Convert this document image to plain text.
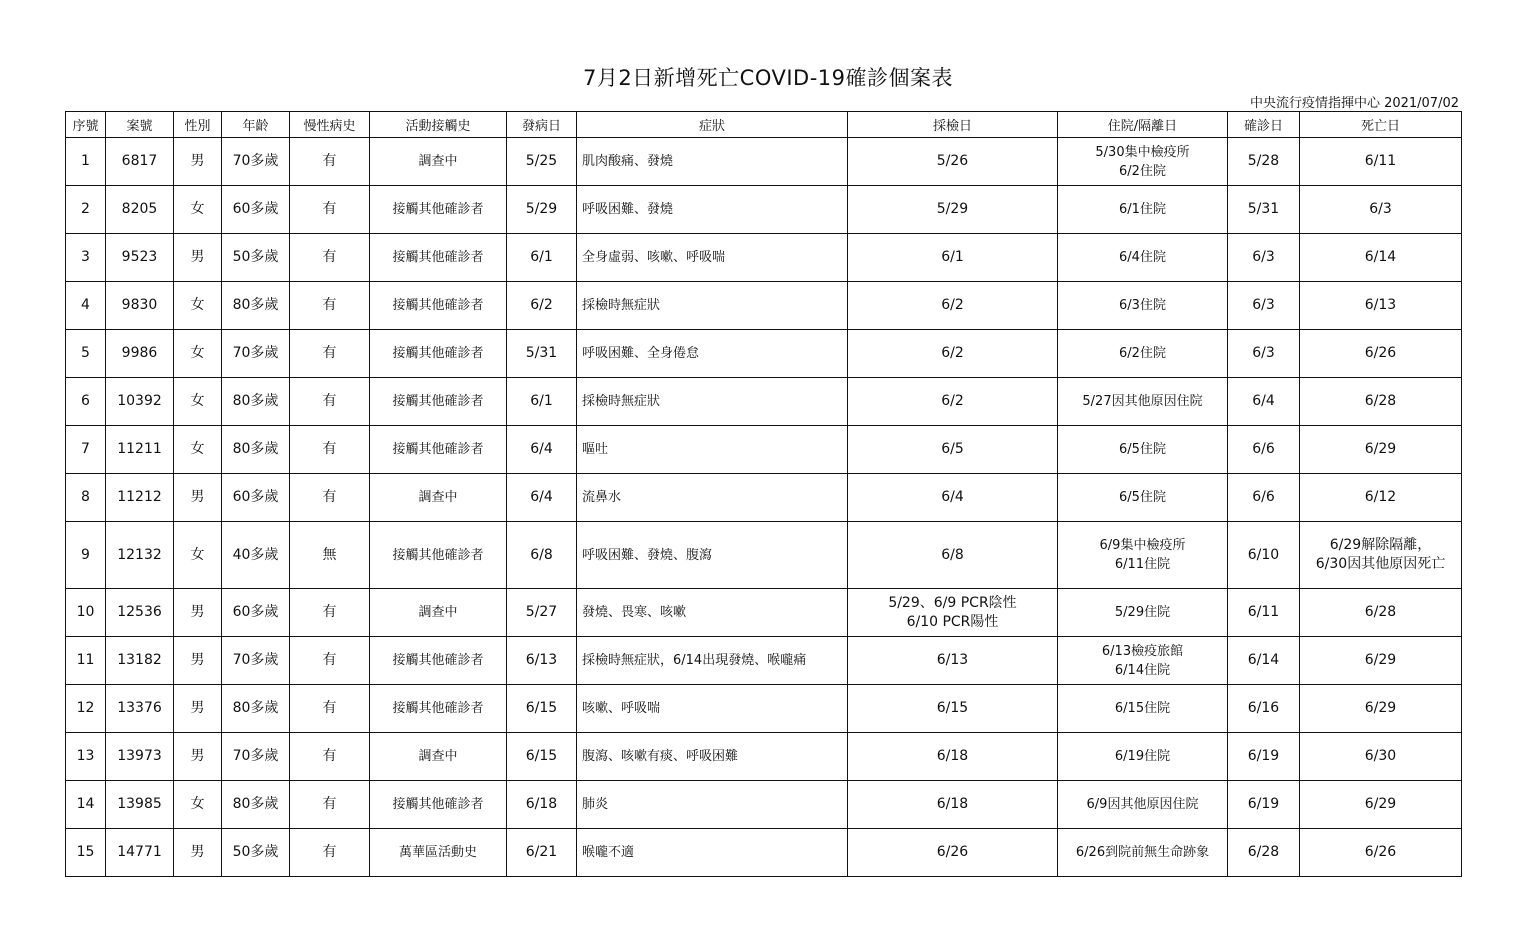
7月2日新增死亡COVID-19確診個案表
中央流行疫情指揮中心 2021/07/02
序號	案號	性別	年齡	慢性病史	活動接觸史	發病日	症狀	採檢日	住院/隔離日	確診日	死亡日
1	6817	男	70多歲	有	調查中	5/25	肌肉酸痛、發燒	5/26	5/30集中檢疫所
6/2住院	5/28	6/11

2	8205	女	60多歲	有	接觸其他確診者	5/29	呼吸困難、發燒	5/29	6/1住院	5/31	6/3

3	9523	男	50多歲	有	接觸其他確診者	6/1	全身虛弱、咳嗽、呼吸喘	6/1	6/4住院	6/3	6/14

4	9830	女	80多歲	有	接觸其他確診者	6/2	採檢時無症狀	6/2	6/3住院	6/3	6/13

5	9986	女	70多歲	有	接觸其他確診者	5/31	呼吸困難、全身倦怠	6/2	6/2住院	6/3	6/26

6	10392	女	80多歲	有	接觸其他確診者	6/1	採檢時無症狀	6/2	5/27因其他原因住院	6/4	6/28

7	11211	女	80多歲	有	接觸其他確診者	6/4	嘔吐	6/5	6/5住院	6/6	6/29

8	11212	男	60多歲	有	調查中	6/4	流鼻水	6/4	6/5住院	6/6	6/12

9	12132	女	40多歲	無	接觸其他確診者	6/8	呼吸困難、發燒、腹瀉	6/8	6/9集中檢疫所
6/11住院	6/10	6/29解除隔離，
6/30因其他原因死亡

10	12536	男	60多歲	有	調查中	5/27	發燒、畏寒、咳嗽	5/29、6/9 PCR陰性
6/10 PCR陽性	5/29住院	6/11	6/28

11	13182	男	70多歲	有	接觸其他確診者	6/13	採檢時無症狀，6/14出現發燒、喉嚨痛	6/13	6/13檢疫旅館
6/14住院	6/14	6/29

12	13376	男	80多歲	有	接觸其他確診者	6/15	咳嗽、呼吸喘	6/15	6/15住院	6/16	6/29

13	13973	男	70多歲	有	調查中	6/15	腹瀉、咳嗽有痰、呼吸困難	6/18	6/19住院	6/19	6/30

14	13985	女	80多歲	有	接觸其他確診者	6/18	肺炎	6/18	6/9因其他原因住院	6/19	6/29

15	14771	男	50多歲	有	萬華區活動史	6/21	喉嚨不適	6/26	6/26到院前無生命跡象	6/28	6/26
